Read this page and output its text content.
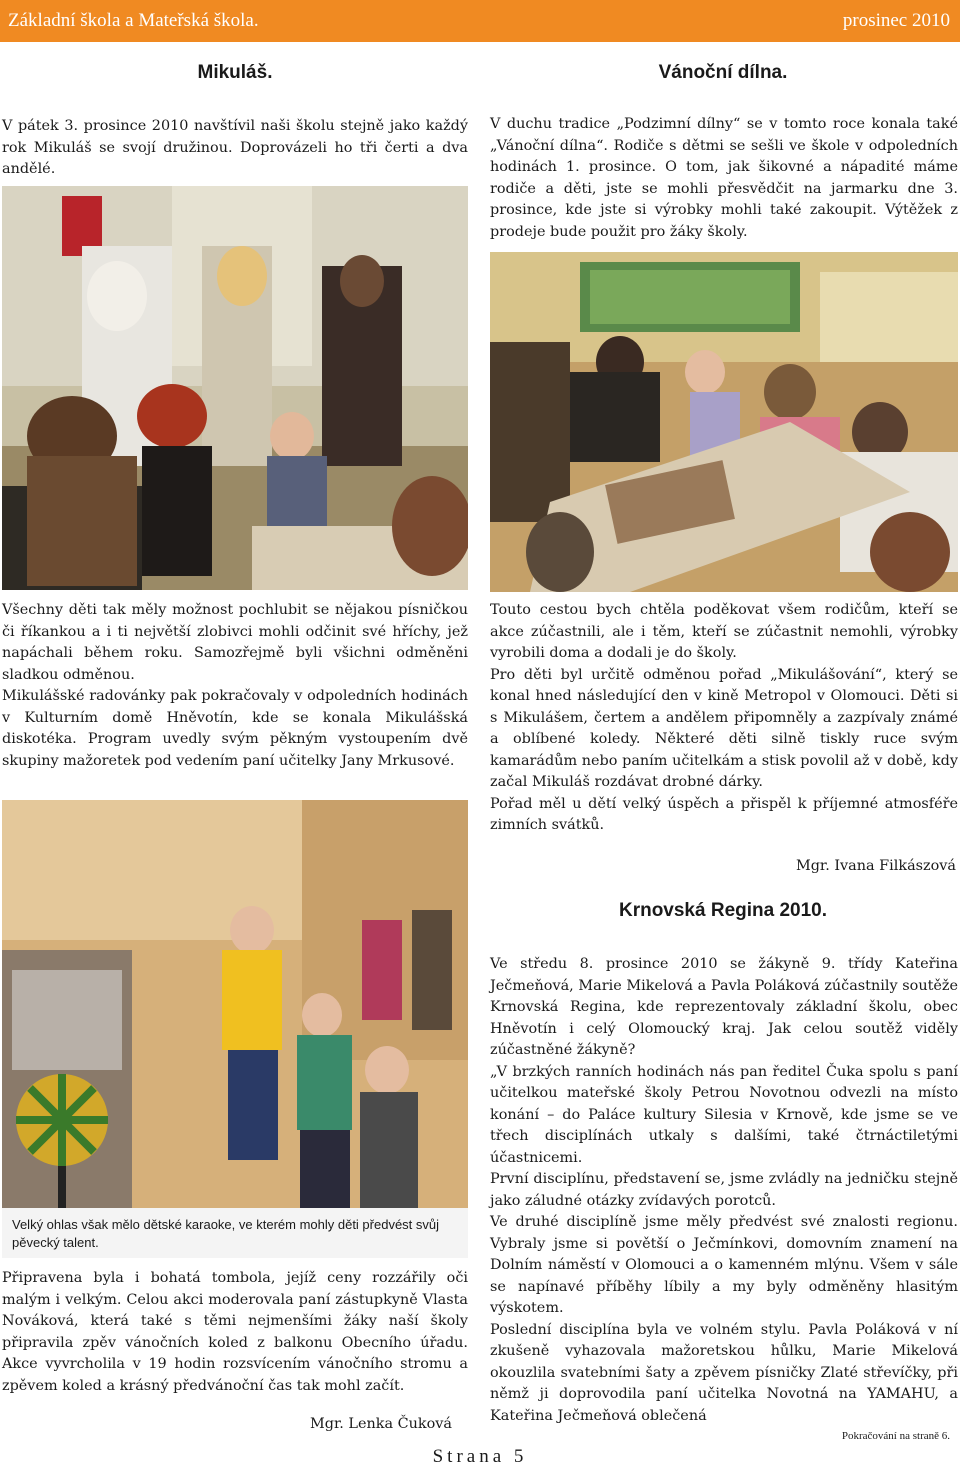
Základní škola a Mateřská škola.	prosinec 2010
Mikuláš.
V pátek 3. prosince 2010 navštívil naši školu stejně jako každý rok Mikuláš se svojí družinou. Doprovázeli ho tři čerti a dva andělé.

Všechny děti tak měly možnost pochlubit se nějakou písničkou či říkankou a i ti největší zlobivci mohli odčinit své hříchy, jež napáchali během roku. Samozřejmě byli všichni odměněni sladkou odměnou.

Mikulášské radovánky pak pokračovaly v odpoledních hodinách v Kulturním domě Hněvotín, kde se konala Mikulášská diskotéka. Program uvedly svým pěkným vystoupením dvě skupiny mažoretek pod vedením paní učitelky Jany Mrkusové.

Velký ohlas však mělo dětské karaoke, ve kterém mohly děti předvést svůj pěvecký talent.
Připravena byla i bohatá tombola, jejíž ceny rozzářily oči malým i velkým. Celou akci moderovala paní zástupkyně Vlasta Nováková, která také s těmi nejmenšími žáky naší školy připravila zpěv vánočních koled z balkonu Obecního úřadu. Akce vyvrcholila v 19 hodin rozsvícením vánočního stromu a zpěvem koled a krásný předvánoční čas tak mohl začít.
Mgr. Lenka Čuková
Vánoční dílna.
V duchu tradice „Podzimní dílny“ se v tomto roce konala také „Vánoční dílna“. Rodiče s dětmi se sešli ve škole v odpoledních hodinách 1. prosince. O tom, jak šikovné a nápadité máme rodiče a děti, jste se mohli přesvědčit na jarmarku dne 3. prosince, kde jste si výrobky mohli také zakoupit. Výtěžek z prodeje bude použit pro žáky školy.

Touto cestou bych chtěla poděkovat všem rodičům, kteří se akce zúčastnili, ale i těm, kteří se zúčastnit nemohli, výrobky vyrobili doma a dodali je do školy.

Pro děti byl určitě odměnou pořad „Mikulášování“, který se konal hned následující den v kině Metropol v Olomouci. Děti si s Mikulášem, čertem a andělem připomněly a zazpívaly známé a oblíbené koledy. Některé děti silně tiskly ruce svým kamarádům nebo paním učitelkám a stisk povolil až v době, kdy začal Mikuláš rozdávat drobné dárky.

Pořad měl u dětí velký úspěch a přispěl k příjemné atmosféře zimních svátků.

Mgr. Ivana Filkászová
Krnovská Regina 2010.

Ve středu 8. prosince 2010 se žákyně 9. třídy Kateřina Ječmeňová, Marie Mikelová a Pavla Poláková zúčastnily soutěže Krnovská Regina, kde reprezentovaly základní školu, obec Hněvotín i celý Olomoucký kraj. Jak celou soutěž viděly zúčastněné žákyně?

„V brzkých ranních hodinách nás pan ředitel Čuka spolu s paní učitelkou mateřské školy Petrou Novotnou odvezli na místo konání – do Paláce kultury Silesia v Krnově, kde jsme se ve třech disciplínách utkaly s dalšími, také čtrnáctiletými účastnicemi.

První disciplínu, představení se, jsme zvládly na jedničku stejně jako záludné otázky zvídavých porotců.

Ve druhé disciplíně jsme měly předvést své znalosti regionu. Vybraly jsme si povětší o Ječmínkovi, domovním znamení na Dolním náměstí v Olomouci a o kamenném mlýnu. Všem v sále se napínavé příběhy líbily a my byly odměněny hlasitým výskotem.

Poslední disciplína byla ve volném stylu. Pavla Poláková v ní zkušeně vyhazovala mažoretskou hůlku, Marie Mikelová okouzlila svatebními šaty a zpěvem písničky Zlaté střevíčky, při němž ji doprovodila paní učitelka Novotná na YAMAHU, a Kateřina Ječmeňová oblečená

Pokračování na straně 6.
Strana 5
